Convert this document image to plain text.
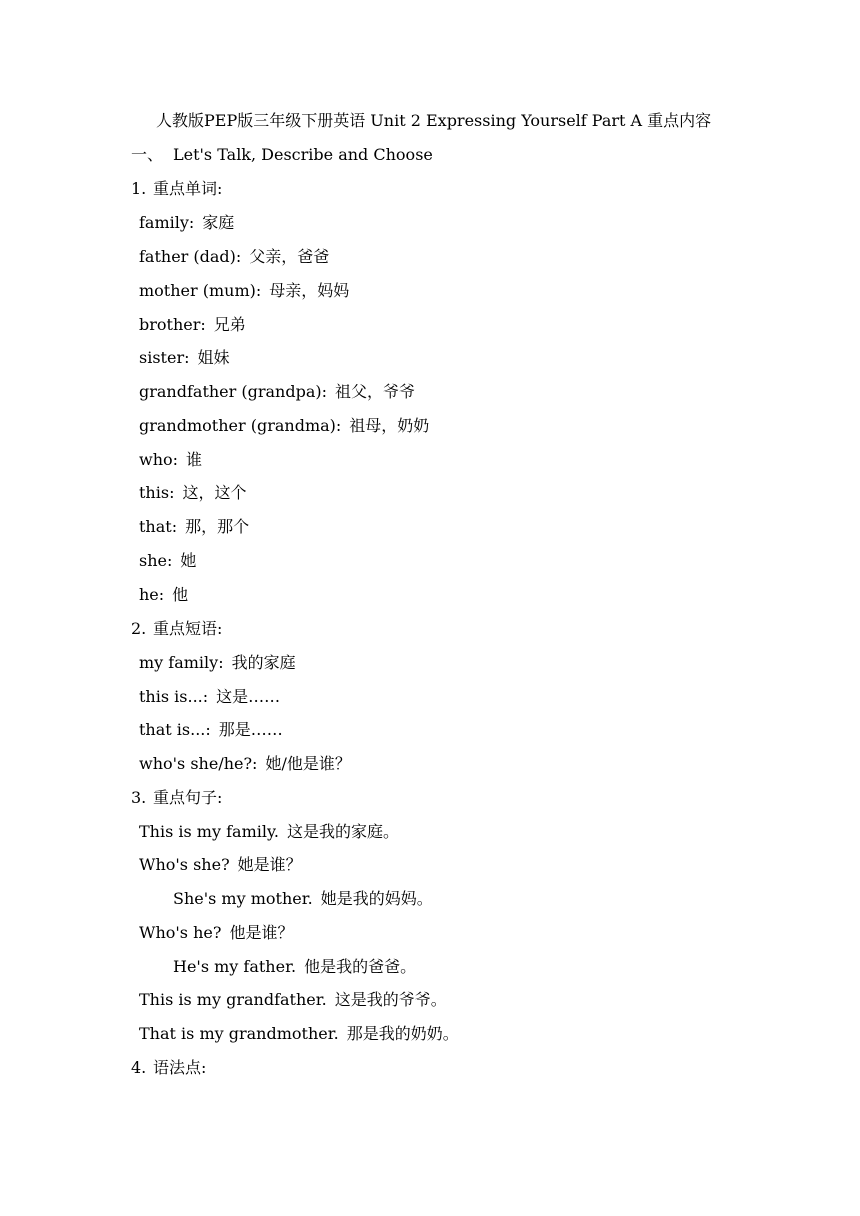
人教版PEP版三年级下册英语 Unit 2 Expressing Yourself Part A 重点内容
一、 Let's Talk, Describe and Choose
1. 重点单词:
family: 家庭
father (dad): 父亲，爸爸
mother (mum): 母亲，妈妈
brother: 兄弟
sister: 姐妹
grandfather (grandpa): 祖父，爷爷
grandmother (grandma): 祖母，奶奶
who: 谁
this: 这，这个
that: 那，那个
she: 她
he: 他
2. 重点短语:
my family: 我的家庭
this is...: 这是……
that is...: 那是……
who's she/he?: 她/他是谁？
3. 重点句子:
This is my family. 这是我的家庭。
Who's she? 她是谁？
She's my mother. 她是我的妈妈。
Who's he? 他是谁？
He's my father. 他是我的爸爸。
This is my grandfather. 这是我的爷爷。
That is my grandmother. 那是我的奶奶。
4. 语法点:
